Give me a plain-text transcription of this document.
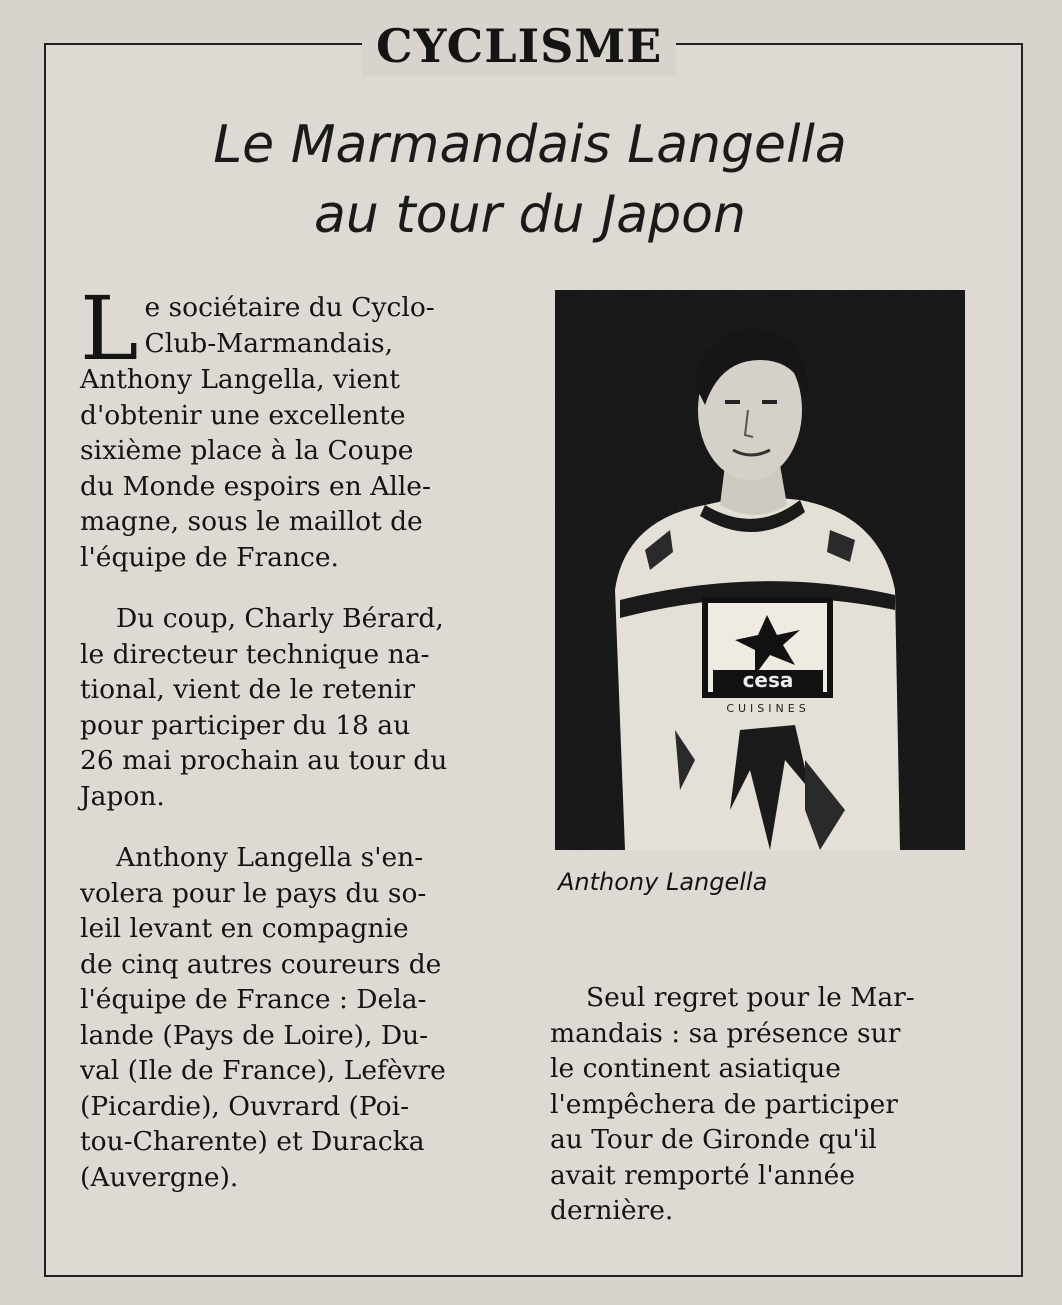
CYCLISME
Le Marmandais Langella
au tour du Japon
L e sociétaire du Cyclo-
Club-Marmandais,
Anthony Langella, vient
d'obtenir une excellente
sixième place à la Coupe
du Monde espoirs en Alle-
magne, sous le maillot de
l'équipe de France.
Du coup, Charly Bérard,
le directeur technique na-
tional, vient de le retenir
pour participer du 18 au
26 mai prochain au tour du
Japon.
Anthony Langella s'en-
volera pour le pays du so-
leil levant en compagnie
de cinq autres coureurs de
l'équipe de France : Dela-
lande (Pays de Loire), Du-
val (Ile de France), Lefèvre
(Picardie), Ouvrard (Poi-
tou-Charente) et Duracka
(Auvergne).
cesa
CUISINES
Anthony Langella
Seul regret pour le Mar-
mandais : sa présence sur
le continent asiatique
l'empêchera de participer
au Tour de Gironde qu'il
avait remporté l'année
dernière.
